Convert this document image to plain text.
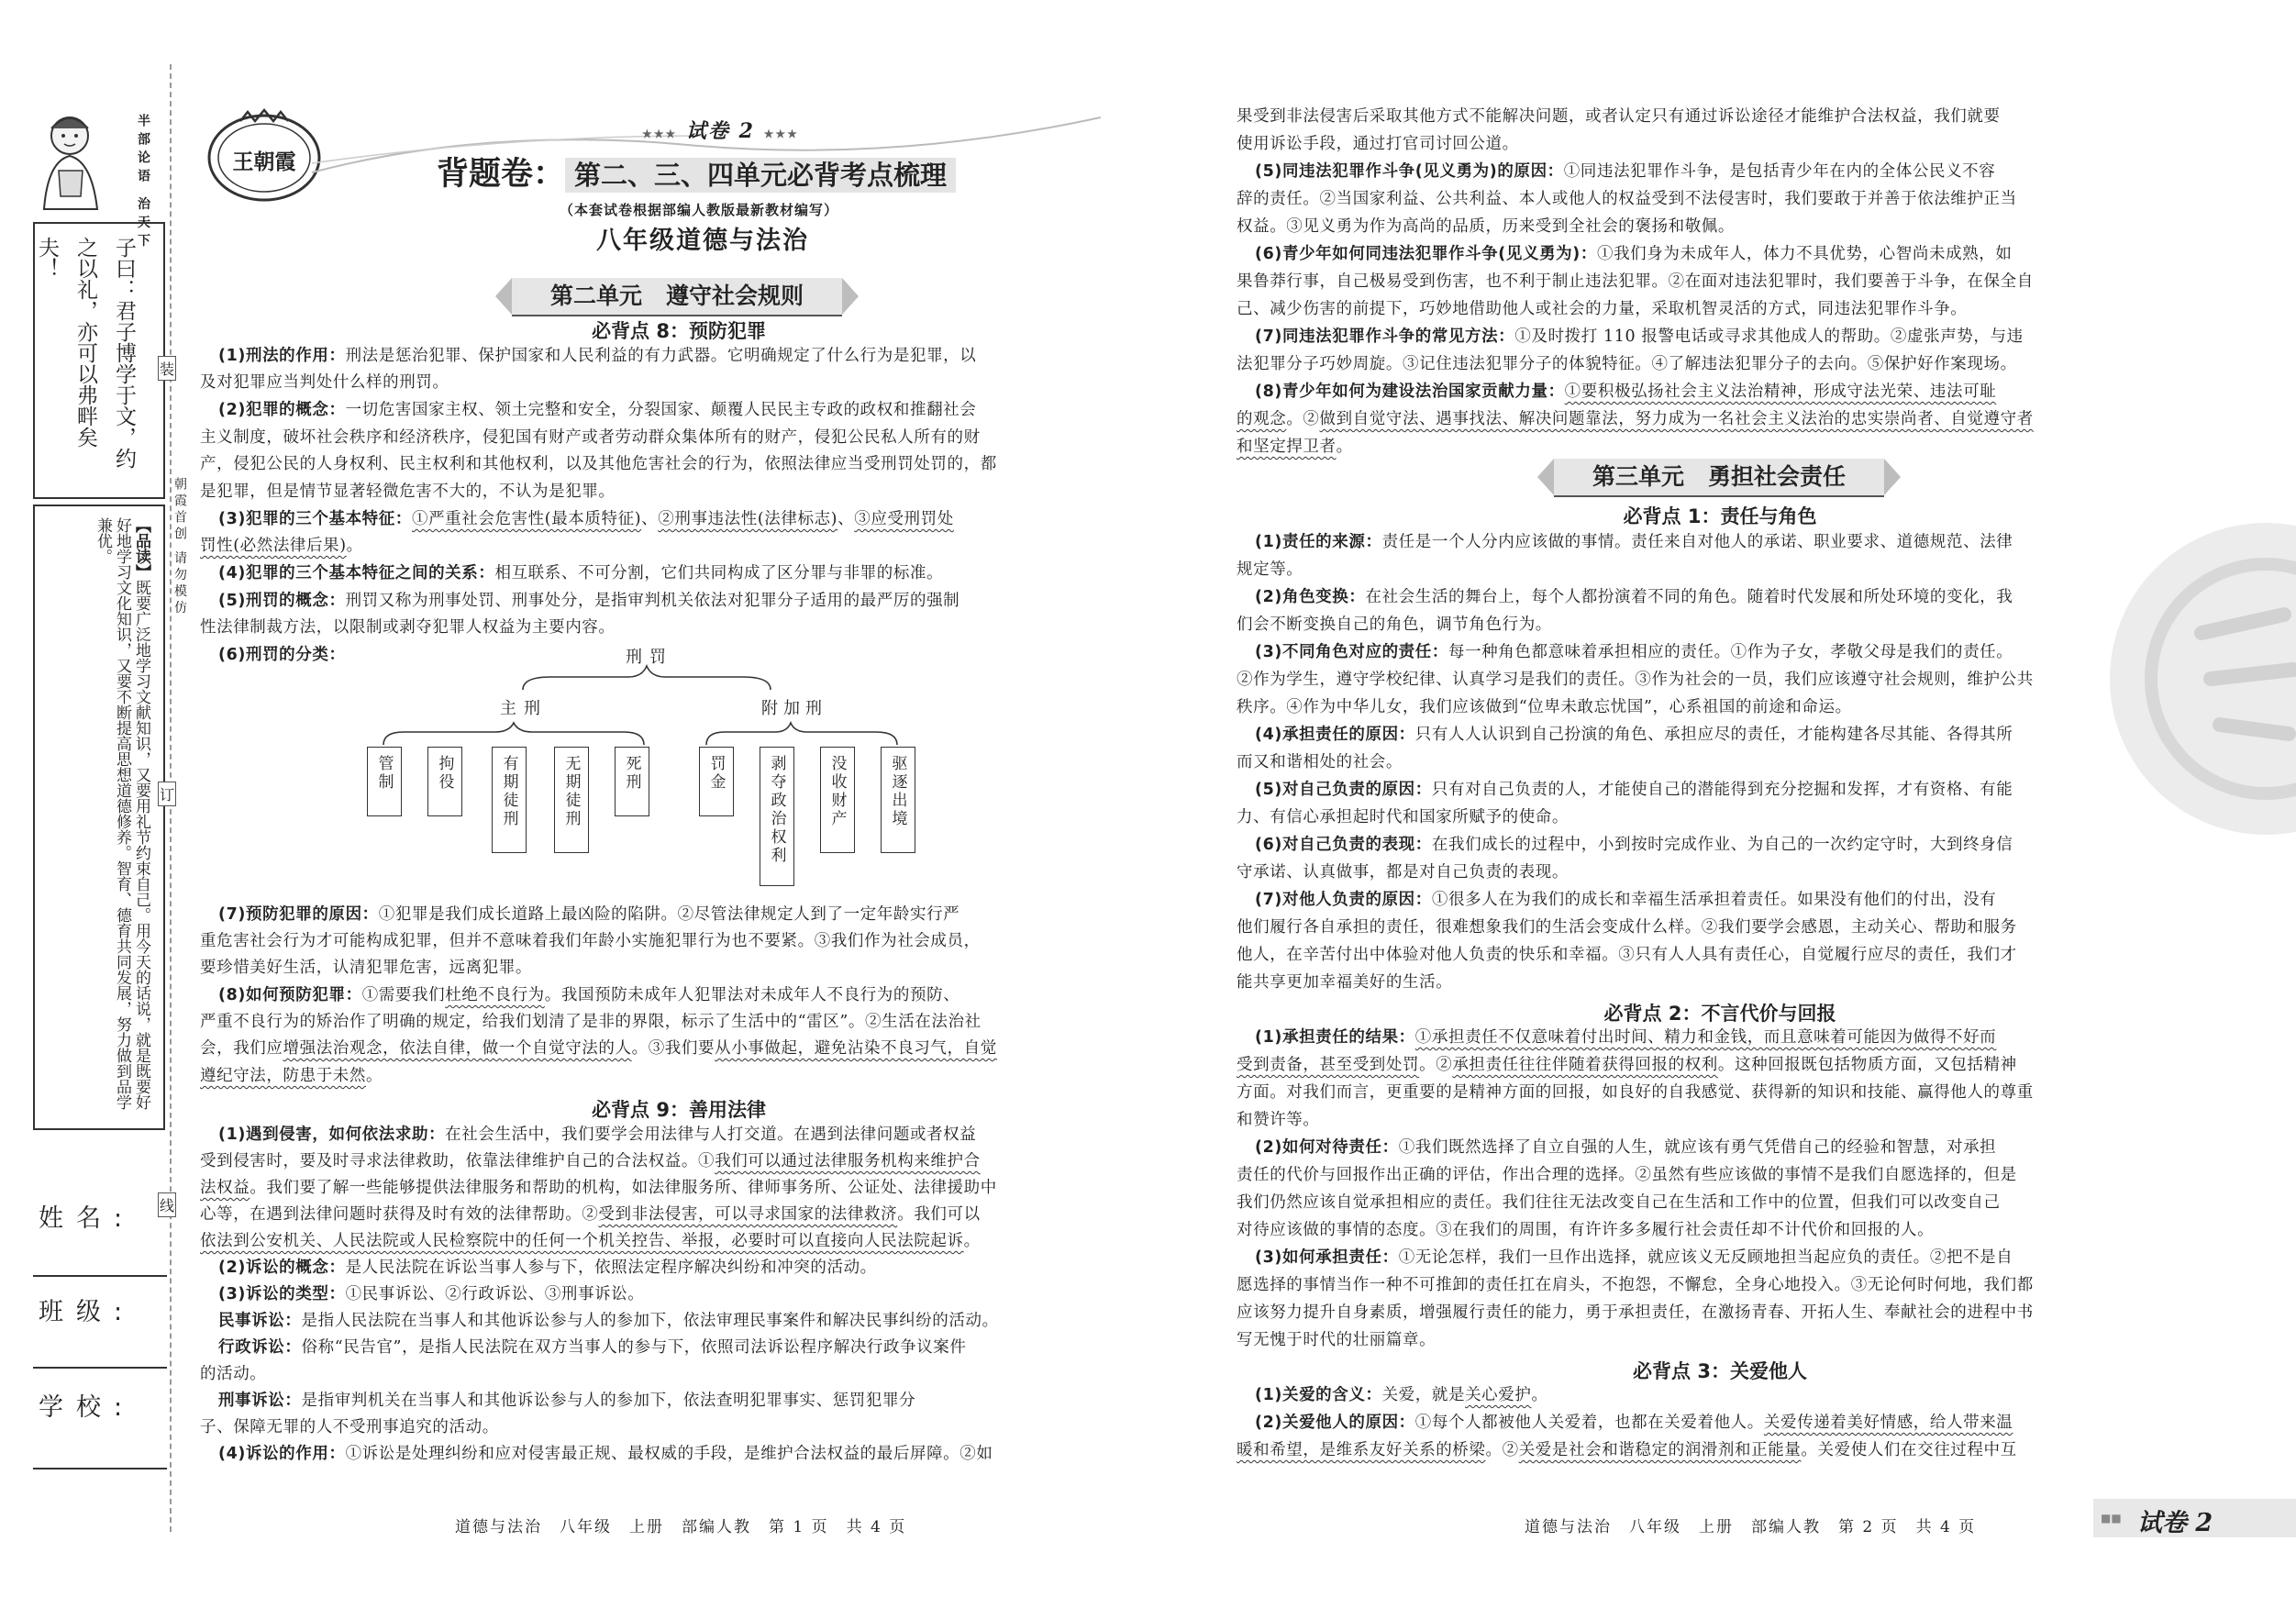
半部论语 治天下
子曰：君子博学于文，约之以礼，亦可以弗畔矣夫！
【品读】既要广泛地学习文献知识，又要用礼节约束自己。用今天的话说，就是既要好好地学习文化知识，又要不断提高思想道德修养。智育、德育共同发展，努力做到品学兼优。	朝霞首创 请勿模仿
装
订
线
姓名:
班级:
学校:
王朝霞
★★★ 试卷 2 ★★★
背题卷： 第二、三、四单元必背考点梳理
（本套试卷根据部编人教版最新教材编写）
八年级道德与法治
第二单元   遵守社会规则
必背点 8：预防犯罪
(1)刑法的作用：刑法是惩治犯罪、保护国家和人民利益的有力武器。它明确规定了什么行为是犯罪，以
及对犯罪应当判处什么样的刑罚。
(2)犯罪的概念：一切危害国家主权、领土完整和安全，分裂国家、颠覆人民民主专政的政权和推翻社会
主义制度，破坏社会秩序和经济秩序，侵犯国有财产或者劳动群众集体所有的财产，侵犯公民私人所有的财
产，侵犯公民的人身权利、民主权利和其他权利，以及其他危害社会的行为，依照法律应当受刑罚处罚的，都
是犯罪，但是情节显著轻微危害不大的，不认为是犯罪。
(3)犯罪的三个基本特征：①严重社会危害性(最本质特征)、②刑事违法性(法律标志)、③应受刑罚处
罚性(必然法律后果)。
(4)犯罪的三个基本特征之间的关系：相互联系、不可分割，它们共同构成了区分罪与非罪的标准。
(5)刑罚的概念：刑罚又称为刑事处罚、刑事处分，是指审判机关依法对犯罪分子适用的最严厉的强制
性法律制裁方法，以限制或剥夺犯罪人权益为主要内容。
(6)刑罚的分类：	刑罚
主刑	附加刑
管制	拘役	有期徒刑	无期徒刑	死刑	罚金	剥夺政治权利	没收财产	驱逐出境
(7)预防犯罪的原因：①犯罪是我们成长道路上最凶险的陷阱。②尽管法律规定人到了一定年龄实行严
重危害社会行为才可能构成犯罪，但并不意味着我们年龄小实施犯罪行为也不要紧。③我们作为社会成员，
要珍惜美好生活，认清犯罪危害，远离犯罪。
(8)如何预防犯罪：①需要我们杜绝不良行为。我国预防未成年人犯罪法对未成年人不良行为的预防、
严重不良行为的矫治作了明确的规定，给我们划清了是非的界限，标示了生活中的“雷区”。②生活在法治社
会，我们应增强法治观念，依法自律，做一个自觉守法的人。③我们要从小事做起，避免沾染不良习气，自觉
遵纪守法，防患于未然。
必背点 9：善用法律
(1)遇到侵害，如何依法求助：在社会生活中，我们要学会用法律与人打交道。在遇到法律问题或者权益
受到侵害时，要及时寻求法律救助，依靠法律维护自己的合法权益。①我们可以通过法律服务机构来维护合
法权益。我们要了解一些能够提供法律服务和帮助的机构，如法律服务所、律师事务所、公证处、法律援助中
心等，在遇到法律问题时获得及时有效的法律帮助。②受到非法侵害，可以寻求国家的法律救济。我们可以
依法到公安机关、人民法院或人民检察院中的任何一个机关控告、举报，必要时可以直接向人民法院起诉。
(2)诉讼的概念：是人民法院在诉讼当事人参与下，依照法定程序解决纠纷和冲突的活动。
(3)诉讼的类型：①民事诉讼、②行政诉讼、③刑事诉讼。
民事诉讼：是指人民法院在当事人和其他诉讼参与人的参加下，依法审理民事案件和解决民事纠纷的活动。
行政诉讼：俗称“民告官”，是指人民法院在双方当事人的参与下，依照司法诉讼程序解决行政争议案件
的活动。
刑事诉讼：是指审判机关在当事人和其他诉讼参与人的参加下，依法查明犯罪事实、惩罚犯罪分
子、保障无罪的人不受刑事追究的活动。
(4)诉讼的作用：①诉讼是处理纠纷和应对侵害最正规、最权威的手段，是维护合法权益的最后屏障。②如
道德与法治　八年级　上册　部编人教　第 1 页　共 4 页
果受到非法侵害后采取其他方式不能解决问题，或者认定只有通过诉讼途径才能维护合法权益，我们就要
使用诉讼手段，通过打官司讨回公道。
(5)同违法犯罪作斗争(见义勇为)的原因：①同违法犯罪作斗争，是包括青少年在内的全体公民义不容
辞的责任。②当国家利益、公共利益、本人或他人的权益受到不法侵害时，我们要敢于并善于依法维护正当
权益。③见义勇为作为高尚的品质，历来受到全社会的褒扬和敬佩。
(6)青少年如何同违法犯罪作斗争(见义勇为)：①我们身为未成年人，体力不具优势，心智尚未成熟，如
果鲁莽行事，自己极易受到伤害，也不利于制止违法犯罪。②在面对违法犯罪时，我们要善于斗争，在保全自
己、减少伤害的前提下，巧妙地借助他人或社会的力量，采取机智灵活的方式，同违法犯罪作斗争。
(7)同违法犯罪作斗争的常见方法：①及时拨打 110 报警电话或寻求其他成人的帮助。②虚张声势，与违
法犯罪分子巧妙周旋。③记住违法犯罪分子的体貌特征。④了解违法犯罪分子的去向。⑤保护好作案现场。
(8)青少年如何为建设法治国家贡献力量：①要积极弘扬社会主义法治精神，形成守法光荣、违法可耻
的观念。②做到自觉守法、遇事找法、解决问题靠法，努力成为一名社会主义法治的忠实崇尚者、自觉遵守者
和坚定捍卫者。
第三单元   勇担社会责任
必背点 1：责任与角色
(1)责任的来源：责任是一个人分内应该做的事情。责任来自对他人的承诺、职业要求、道德规范、法律
规定等。
(2)角色变换：在社会生活的舞台上，每个人都扮演着不同的角色。随着时代发展和所处环境的变化，我
们会不断变换自己的角色，调节角色行为。
(3)不同角色对应的责任：每一种角色都意味着承担相应的责任。①作为子女，孝敬父母是我们的责任。
②作为学生，遵守学校纪律、认真学习是我们的责任。③作为社会的一员，我们应该遵守社会规则，维护公共
秩序。④作为中华儿女，我们应该做到“位卑未敢忘忧国”，心系祖国的前途和命运。
(4)承担责任的原因：只有人人认识到自己扮演的角色、承担应尽的责任，才能构建各尽其能、各得其所
而又和谐相处的社会。
(5)对自己负责的原因：只有对自己负责的人，才能使自己的潜能得到充分挖掘和发挥，才有资格、有能
力、有信心承担起时代和国家所赋予的使命。
(6)对自己负责的表现：在我们成长的过程中，小到按时完成作业、为自己的一次约定守时，大到终身信
守承诺、认真做事，都是对自己负责的表现。
(7)对他人负责的原因：①很多人在为我们的成长和幸福生活承担着责任。如果没有他们的付出，没有
他们履行各自承担的责任，很难想象我们的生活会变成什么样。②我们要学会感恩，主动关心、帮助和服务
他人，在辛苦付出中体验对他人负责的快乐和幸福。③只有人人具有责任心，自觉履行应尽的责任，我们才
能共享更加幸福美好的生活。
必背点 2：不言代价与回报
(1)承担责任的结果：①承担责任不仅意味着付出时间、精力和金钱，而且意味着可能因为做得不好而
受到责备，甚至受到处罚。②承担责任往往伴随着获得回报的权利。这种回报既包括物质方面，又包括精神
方面。对我们而言，更重要的是精神方面的回报，如良好的自我感觉、获得新的知识和技能、赢得他人的尊重
和赞许等。
(2)如何对待责任：①我们既然选择了自立自强的人生，就应该有勇气凭借自己的经验和智慧，对承担
责任的代价与回报作出正确的评估，作出合理的选择。②虽然有些应该做的事情不是我们自愿选择的，但是
我们仍然应该自觉承担相应的责任。我们往往无法改变自己在生活和工作中的位置，但我们可以改变自己
对待应该做的事情的态度。③在我们的周围，有许许多多履行社会责任却不计代价和回报的人。
(3)如何承担责任：①无论怎样，我们一旦作出选择，就应该义无反顾地担当起应负的责任。②把不是自
愿选择的事情当作一种不可推卸的责任扛在肩头，不抱怨，不懈怠，全身心地投入。③无论何时何地，我们都
应该努力提升自身素质，增强履行责任的能力，勇于承担责任，在激扬青春、开拓人生、奉献社会的进程中书
写无愧于时代的壮丽篇章。
必背点 3：关爱他人
(1)关爱的含义：关爱，就是关心爱护。
(2)关爱他人的原因：①每个人都被他人关爱着，也都在关爱着他人。关爱传递着美好情感，给人带来温
暖和希望，是维系友好关系的桥梁。②关爱是社会和谐稳定的润滑剂和正能量。关爱使人们在交往过程中互
道德与法治　八年级　上册　部编人教　第 2 页　共 4 页	■■ 试卷 2
